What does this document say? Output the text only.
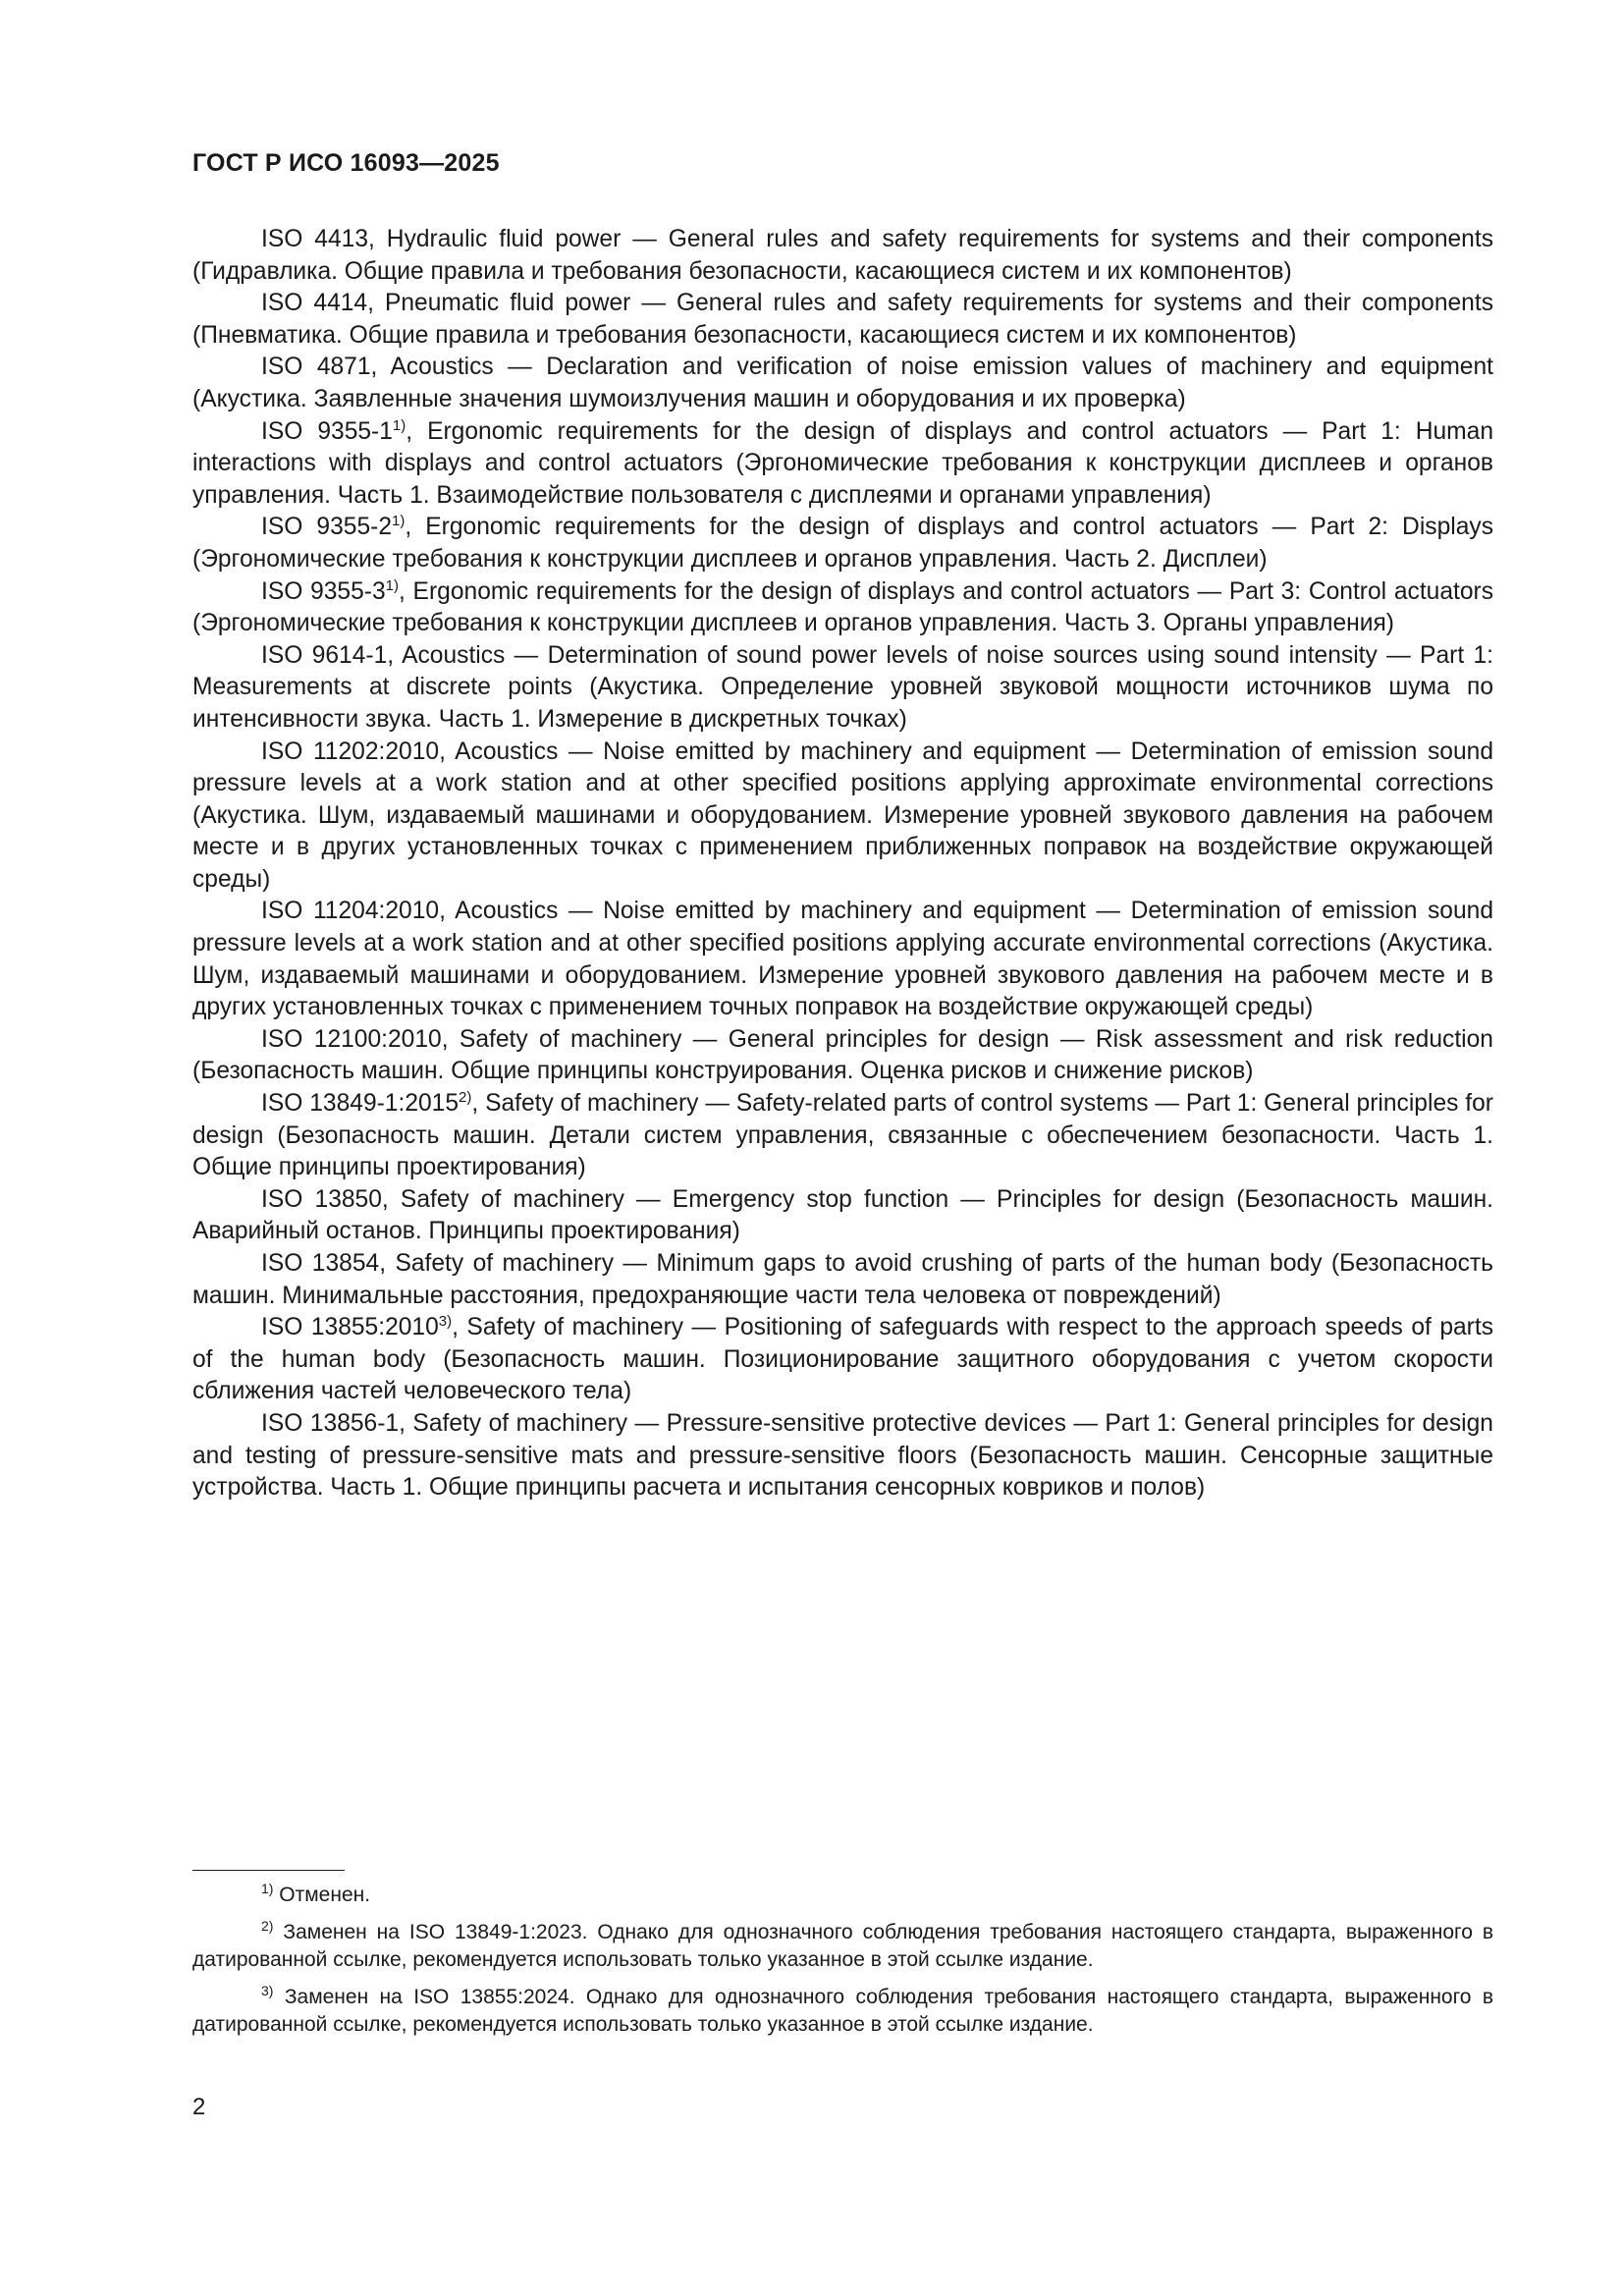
ГОСТ Р ИСО 16093—2025

ISO 4413, Hydraulic fluid power — General rules and safety requirements for systems and their components (Гидравлика. Общие правила и требования безопасности, касающиеся систем и их компонентов)

ISO 4414, Pneumatic fluid power — General rules and safety requirements for systems and their components (Пневматика. Общие правила и требования безопасности, касающиеся систем и их компонентов)

ISO 4871, Acoustics — Declaration and verification of noise emission values of machinery and equipment (Акустика. Заявленные значения шумоизлучения машин и оборудования и их проверка)

ISO 9355-1$^{1)}$, Ergonomic requirements for the design of displays and control actuators — Part 1: Human interactions with displays and control actuators (Эргономические требования к конструкции дисплеев и органов управления. Часть 1. Взаимодействие пользователя с дисплеями и органами управления)

ISO 9355-2$^{1)}$, Ergonomic requirements for the design of displays and control actuators — Part 2: Displays (Эргономические требования к конструкции дисплеев и органов управления. Часть 2. Дисплеи)

ISO 9355-3$^{1)}$, Ergonomic requirements for the design of displays and control actuators — Part 3: Control actuators (Эргономические требования к конструкции дисплеев и органов управления. Часть 3. Органы управления)

ISO 9614-1, Acoustics — Determination of sound power levels of noise sources using sound intensity — Part 1: Measurements at discrete points (Акустика. Определение уровней звуковой мощности источников шума по интенсивности звука. Часть 1. Измерение в дискретных точках)

ISO 11202:2010, Acoustics — Noise emitted by machinery and equipment — Determination of emission sound pressure levels at a work station and at other specified positions applying approximate environmental corrections (Акустика. Шум, издаваемый машинами и оборудованием. Измерение уровней звукового давления на рабочем месте и в других установленных точках с применением приближенных поправок на воздействие окружающей среды)

ISO 11204:2010, Acoustics — Noise emitted by machinery and equipment — Determination of emission sound pressure levels at a work station and at other specified positions applying accurate environmental corrections (Акустика. Шум, издаваемый машинами и оборудованием. Измерение уровней звукового давления на рабочем месте и в других установленных точках с применением точных поправок на воздействие окружающей среды)

ISO 12100:2010, Safety of machinery — General principles for design — Risk assessment and risk reduction (Безопасность машин. Общие принципы конструирования. Оценка рисков и снижение рисков)

ISO 13849-1:2015$^{2)}$, Safety of machinery — Safety-related parts of control systems — Part 1: General principles for design (Безопасность машин. Детали систем управления, связанные с обеспечением безопасности. Часть 1. Общие принципы проектирования)

ISO 13850, Safety of machinery — Emergency stop function — Principles for design (Безопасность машин. Аварийный останов. Принципы проектирования)

ISO 13854, Safety of machinery — Minimum gaps to avoid crushing of parts of the human body (Безопасность машин. Минимальные расстояния, предохраняющие части тела человека от повреждений)

ISO 13855:2010$^{3)}$, Safety of machinery — Positioning of safeguards with respect to the approach speeds of parts of the human body (Безопасность машин. Позиционирование защитного оборудования с учетом скорости сближения частей человеческого тела)

ISO 13856-1, Safety of machinery — Pressure-sensitive protective devices — Part 1: General principles for design and testing of pressure-sensitive mats and pressure-sensitive floors (Безопасность машин. Сенсорные защитные устройства. Часть 1. Общие принципы расчета и испытания сенсорных ковриков и полов)

$^{1)}$ Отменен.

$^{2)}$ Заменен на ISO 13849-1:2023. Однако для однозначного соблюдения требования настоящего стандарта, выраженного в датированной ссылке, рекомендуется использовать только указанное в этой ссылке издание.

$^{3)}$ Заменен на ISO 13855:2024. Однако для однозначного соблюдения требования настоящего стандарта, выраженного в датированной ссылке, рекомендуется использовать только указанное в этой ссылке издание.

2
